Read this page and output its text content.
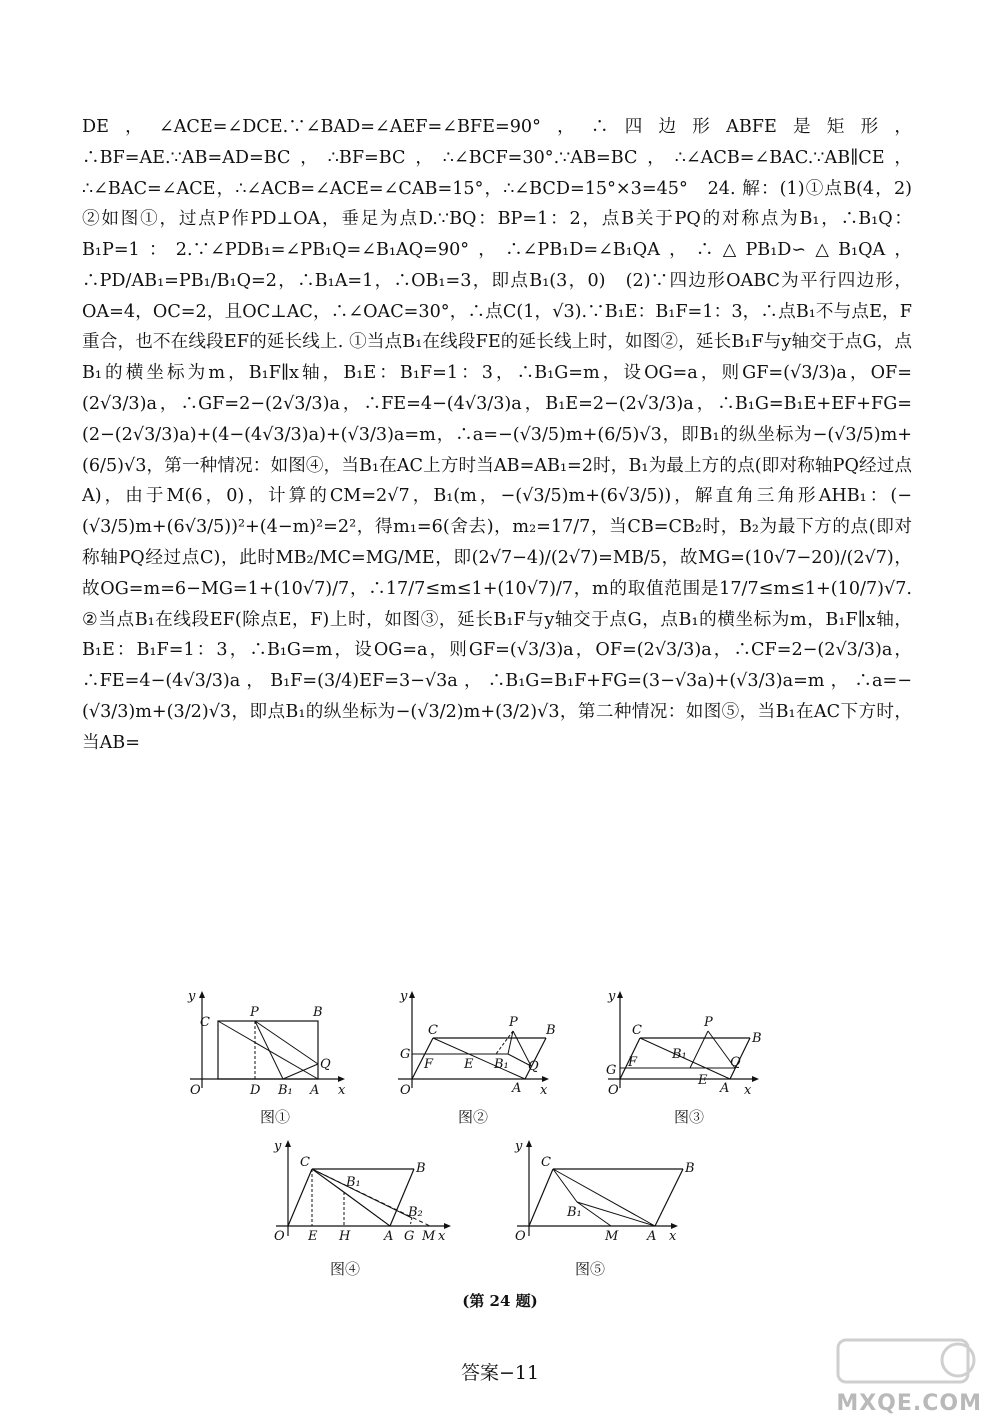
DE，∠ACE=∠DCE.∵∠BAD=∠AEF=∠BFE=90°，∴四边形ABFE是矩形，∴BF=AE.∵AB=AD=BC，∴BF=BC，∴∠BCF=30°.∵AB=BC，∴∠ACB=∠BAC.∵AB∥CE，∴∠BAC=∠ACE，∴∠ACB=∠ACE=∠CAB=15°，∴∠BCD=15°×3=45°　24. 解：(1)①点B(4，2)　②如图①，过点P作PD⊥OA，垂足为点D.∵BQ：BP=1：2，点B关于PQ的对称点为B₁，∴B₁Q：B₁P=1：2.∵∠PDB₁=∠PB₁Q=∠B₁AQ=90°，∴∠PB₁D=∠B₁QA，∴△PB₁D∽△B₁QA，∴PD/AB₁=PB₁/B₁Q=2，∴B₁A=1，∴OB₁=3，即点B₁(3，0)　(2)∵四边形OABC为平行四边形，OA=4，OC=2，且OC⊥AC，∴∠OAC=30°，∴点C(1，√3).∵B₁E：B₁F=1：3，∴点B₁不与点E，F重合，也不在线段EF的延长线上. ①当点B₁在线段FE的延长线上时，如图②，延长B₁F与y轴交于点G，点B₁的横坐标为m，B₁F∥x轴，B₁E：B₁F=1：3，∴B₁G=m，设OG=a，则GF=(√3/3)a，OF=(2√3/3)a，∴GF=2−(2√3/3)a，∴FE=4−(4√3/3)a，B₁E=2−(2√3/3)a，∴B₁G=B₁E+EF+FG=(2−(2√3/3)a)+(4−(4√3/3)a)+(√3/3)a=m，∴a=−(√3/5)m+(6/5)√3，即B₁的纵坐标为−(√3/5)m+(6/5)√3，第一种情况：如图④，当B₁在AC上方时当AB=AB₁=2时，B₁为最上方的点(即对称轴PQ经过点A)，由于M(6，0)，计算的CM=2√7，B₁(m，−(√3/5)m+(6√3/5))，解直角三角形AHB₁：(−(√3/5)m+(6√3/5))²+(4−m)²=2²，得m₁=6(舍去)，m₂=17/7，当CB=CB₂时，B₂为最下方的点(即对称轴PQ经过点C)，此时MB₂/MC=MG/ME，即(2√7−4)/(2√7)=MB/5，故MG=(10√7−20)/(2√7)，故OG=m=6−MG=1+(10√7)/7，∴17/7≤m≤1+(10√7)/7，m的取值范围是17/7≤m≤1+(10/7)√7. ②当点B₁在线段EF(除点E，F)上时，如图③，延长B₁F与y轴交于点G，点B₁的横坐标为m，B₁F∥x轴，B₁E：B₁F=1：3，∴B₁G=m，设OG=a，则GF=(√3/3)a，OF=(2√3/3)a，∴CF=2−(2√3/3)a，∴FE=4−(4√3/3)a，B₁F=(3/4)EF=3−√3a，∴B₁G=B₁F+FG=(3−√3a)+(√3/3)a=m，∴a=−(√3/3)m+(3/2)√3，即点B₁的纵坐标为−(√3/2)m+(3/2)√3，第二种情况：如图⑤，当B₁在AC下方时，当AB=

y
x
O
C
P	B
Q
D B₁ A
图①
y
x
O
C
P
B
G
F E B₁ Q
A
图②
y
x
O
C
P
B
G
F
B₁
E
Q
A
图③
y
x
O
C	B
B₁
B₂
E H	A G M
图④
y
x
O
C	B
B₁
M A
图⑤
(第 24 题)
答案−11
MXQE.COM
